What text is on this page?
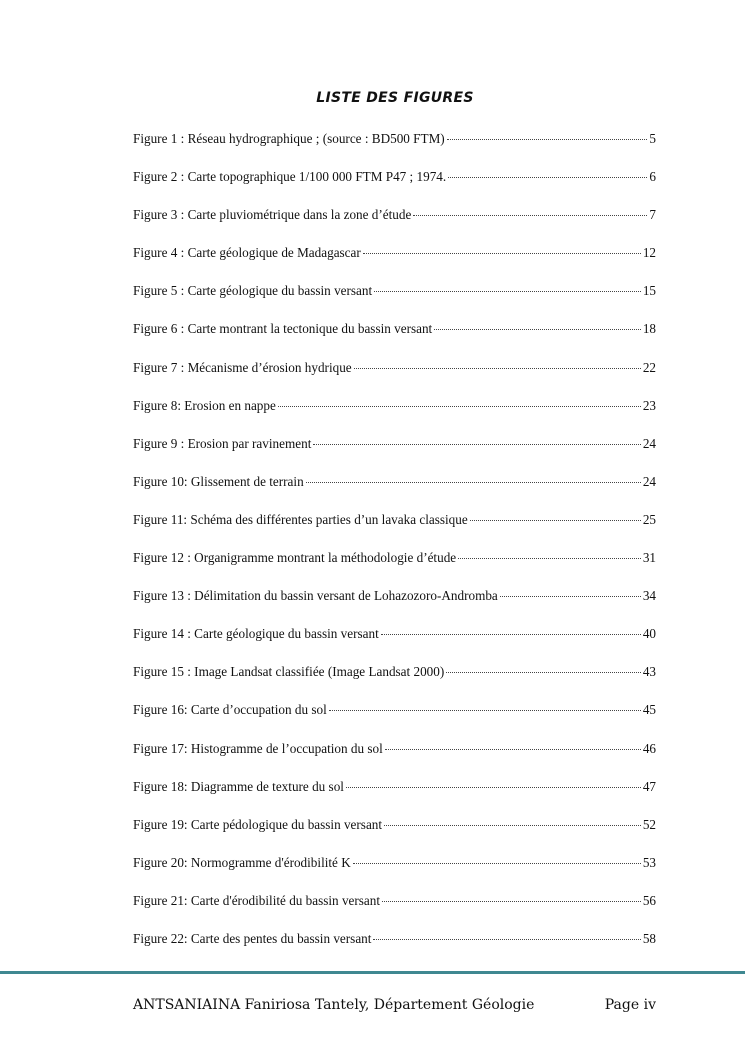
LISTE DES FIGURES
Figure 1 : Réseau hydrographique ; (source : BD500 FTM)	5
Figure 2 : Carte topographique 1/100 000 FTM P47 ; 1974.	6
Figure 3 : Carte pluviométrique dans la zone d’étude	7
Figure 4 : Carte géologique de Madagascar	12
Figure 5 : Carte géologique du bassin versant	15
Figure 6 : Carte montrant la tectonique du bassin versant	18
Figure 7 : Mécanisme d’érosion hydrique	22
Figure 8: Erosion en nappe	23
Figure 9 : Erosion par ravinement	24
Figure 10: Glissement de terrain	24
Figure 11: Schéma des différentes parties d’un lavaka classique	25
Figure 12 : Organigramme montrant la méthodologie d’étude	31
Figure 13 : Délimitation du bassin versant de Lohazozoro-Andromba	34
Figure 14 : Carte géologique du bassin versant	40
Figure 15 : Image Landsat classifiée (Image Landsat 2000)	43
Figure 16: Carte d’occupation du sol	45
Figure 17: Histogramme de l’occupation du sol	46
Figure 18: Diagramme de texture du sol	47
Figure 19: Carte pédologique du bassin versant	52
Figure 20: Normogramme d'érodibilité K	53
Figure 21: Carte d'érodibilité du bassin versant	56
Figure 22: Carte des pentes du bassin versant	58
ANTSANIAINA Faniriosa Tantely, Département Géologie	Page iv
